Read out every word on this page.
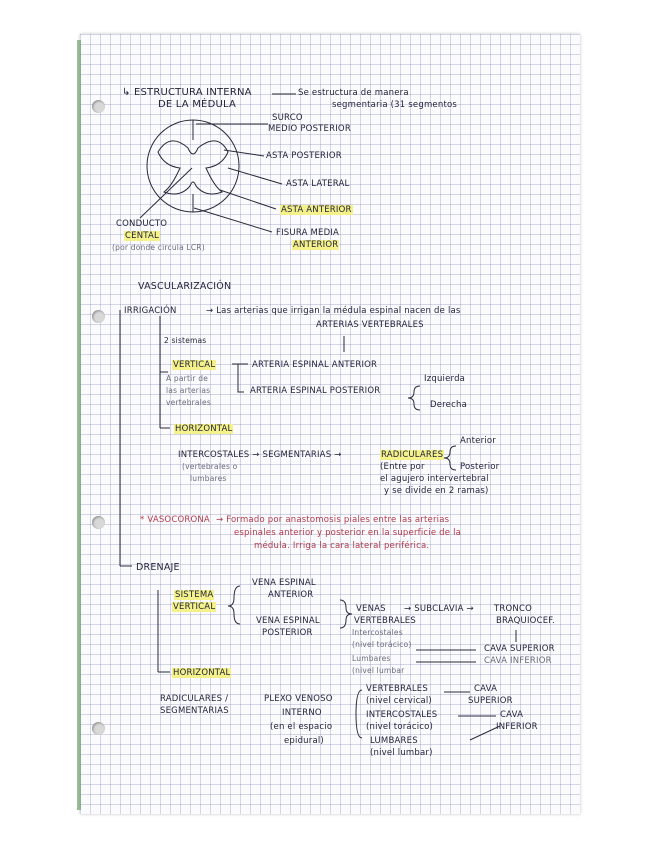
↳ ESTRUCTURA INTERNA
DE LA MÉDULA
Se estructura de manera
segmentaria (31 segmentos
SURCO
MEDIO POSTERIOR
ASTA POSTERIOR
ASTA LATERAL
ASTA ANTERIOR
CONDUCTO
CENTAL
(por donde circula LCR)
FISURA MEDIA
ANTERIOR
VASCULARIZACIÓN
IRRIGACIÓN	→ Las arterias que irrigan la médula espinal nacen de las
ARTERIAS VERTEBRALES
2 sistemas
VERTICAL
A partir de
las arterias
vertebrales
ARTERIA ESPINAL ANTERIOR
ARTERIA ESPINAL POSTERIOR
Izquierda
Derecha
HORIZONTAL
INTERCOSTALES → SEGMENTARIAS →
(vertebrales o
lumbares
RADICULARES
(Entre por
el agujero intervertebral
y se divide en 2 ramas)
Anterior
Posterior
* VASOCORONA → Formado por anastomosis piales entre las arterias
espinales anterior y posterior en la superficie de la
médula. Irriga la cara lateral periférica.
DRENAJE
SISTEMA
VERTICAL
VENA ESPINAL
ANTERIOR
VENA ESPINAL
POSTERIOR
VENAS
VERTEBRALES
→ SUBCLAVIA → TRONCO
BRAQUIOCEF.
Intercostales
(nivel torácico)
Lumbares
(nivel lumbar
CAVA SUPERIOR
CAVA INFERIOR
HORIZONTAL
RADICULARES /
SEGMENTARIAS
PLEXO VENOSO
INTERNO
(en el espacio
epidural)
VERTEBRALES
(nivel cervical)
INTERCOSTALES
(nivel torácico)
LUMBARES
(nivel lumbar)
CAVA
SUPERIOR
CAVA
INFERIOR
